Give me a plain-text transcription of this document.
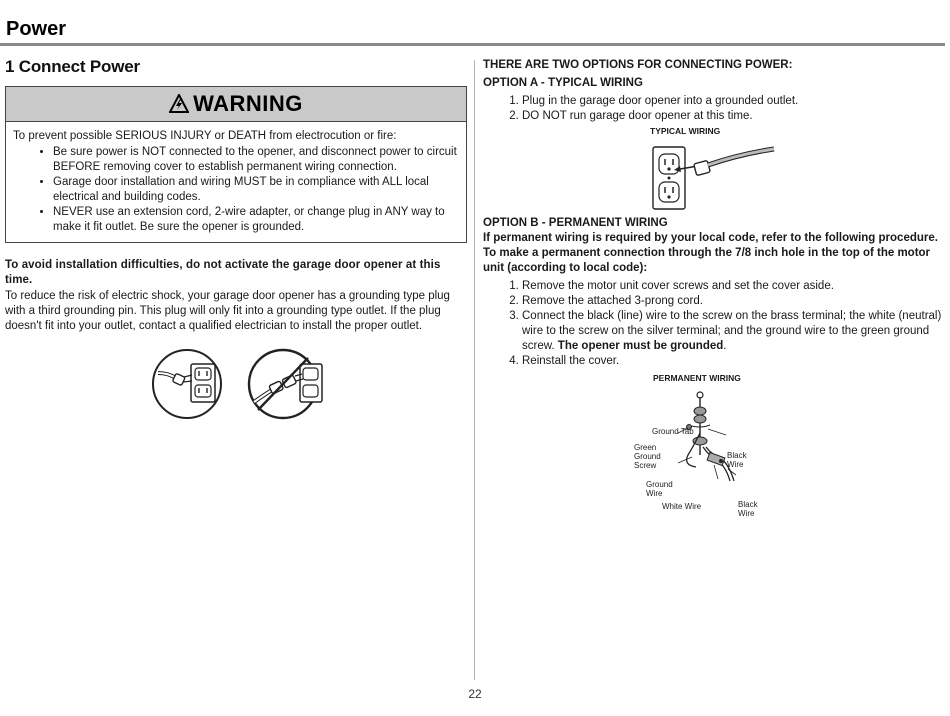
Power
1 Connect Power
WARNING
To prevent possible SERIOUS INJURY or DEATH from electrocution or fire:
• Be sure power is NOT connected to the opener, and disconnect power to circuit BEFORE removing cover to establish permanent wiring connection.
• Garage door installation and wiring MUST be in compliance with ALL local electrical and building codes.
• NEVER use an extension cord, 2-wire adapter, or change plug in ANY way to make it fit outlet. Be sure the opener is grounded.
To avoid installation difficulties, do not activate the garage door opener at this time.
To reduce the risk of electric shock, your garage door opener has a grounding type plug with a third grounding pin. This plug will only fit into a grounding type outlet. If the plug doesn't fit into your outlet, contact a qualified electrician to install the proper outlet.
THERE ARE TWO OPTIONS FOR CONNECTING POWER:
OPTION A - TYPICAL WIRING
1. Plug in the garage door opener into a grounded outlet.
2. DO NOT run garage door opener at this time.
TYPICAL WIRING
OPTION B - PERMANENT WIRING
If permanent wiring is required by your local code, refer to the following procedure. To make a permanent connection through the 7/8 inch hole in the top of the motor unit (according to local code):
1. Remove the motor unit cover screws and set the cover aside.
2. Remove the attached 3-prong cord.
3. Connect the black (line) wire to the screw on the brass terminal; the white (neutral) wire to the screw on the silver terminal; and the ground wire to the green ground screw. The opener must be grounded.
4. Reinstall the cover.
PERMANENT WIRING
Ground Tab
Green
Ground
Screw
Black
Wire
Ground
Wire
White Wire	Black
Wire
22
